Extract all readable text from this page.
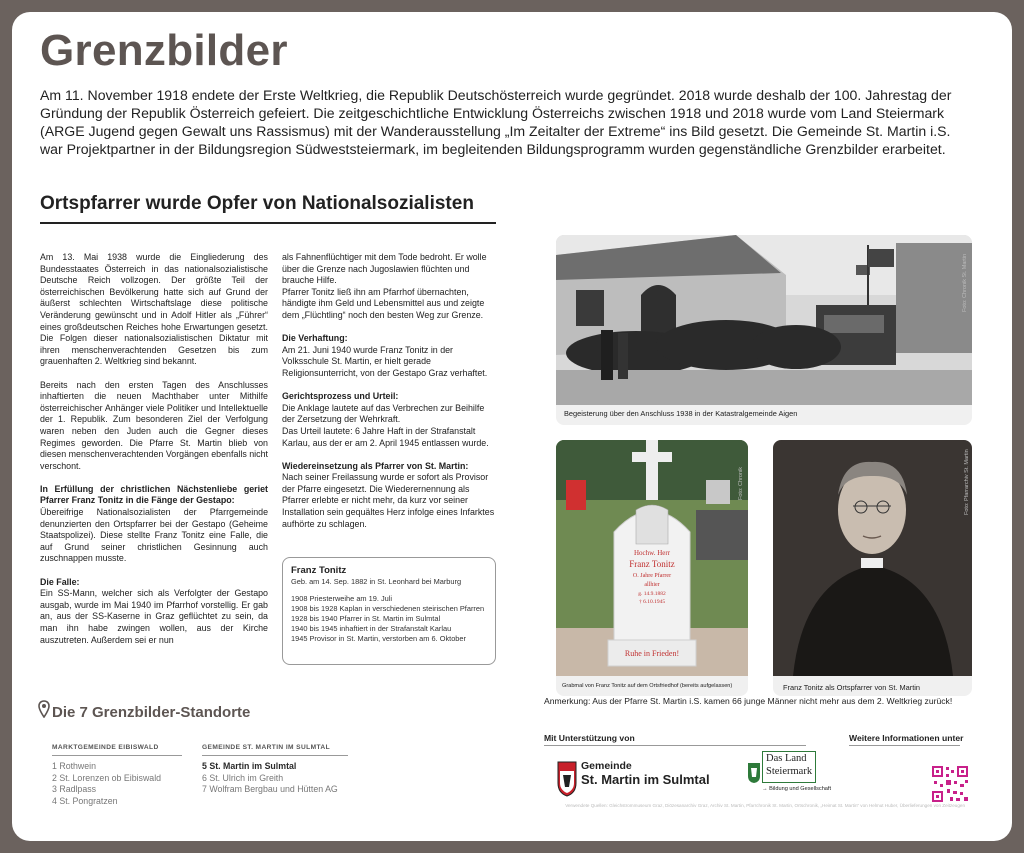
Grenzbilder
Am 11. November 1918 endete der Erste Weltkrieg, die Republik Deutschösterreich wurde gegründet. 2018 wurde deshalb der 100. Jahrestag der Gründung der Republik Österreich gefeiert. Die zeitgeschichtliche Entwicklung Österreichs zwischen 1918 und 2018 wurde vom Land Steiermark (ARGE Jugend gegen Gewalt uns Rassismus) mit der Wanderausstellung „Im Zeitalter der Extreme“ ins Bild gesetzt. Die Gemeinde St. Martin i.S. war Projektpartner in der Bildungsregion Südweststeiermark, im begleitenden Bildungsprogramm wurden gegenständliche Grenzbilder erarbeitet.
Ortspfarrer wurde Opfer von Nationalsozialisten

Am 13. Mai 1938 wurde die Eingliederung des Bundesstaates Österreich in das nationalsozialistische Deutsche Reich vollzogen. Der größte Teil der österreichischen Bevölkerung hatte sich auf Grund der äußerst schlechten Wirtschaftslage diese politische Veränderung gewünscht und in Adolf Hitler als „Führer“ eines großdeutschen Reiches hohe Erwartungen gesetzt. Die Folgen dieser nationalsozialistischen Diktatur mit ihren menschenverachtenden Gesetzen bis zum grauenhaften 2. Weltkrieg sind bekannt.

Bereits nach den ersten Tagen des Anschlusses inhaftierten die neuen Machthaber unter Mithilfe österreichischer Anhänger viele Politiker und Intellektuelle der 1. Republik. Zum besonderen Ziel der Verfolgung waren neben den Juden auch die Gegner dieses Regimes geworden. Die Pfarre St. Martin blieb von diesen menschenverachtenden Vorgängen ebenfalls nicht verschont.

In Erfüllung der christlichen Nächstenliebe geriet Pfarrer Franz Tonitz in die Fänge der Gestapo:

Übereifrige Nationalsozialisten der Pfarrgemeinde denunzierten den Ortspfarrer bei der Gestapo (Geheime Staatspolizei). Diese stellte Franz Tonitz eine Falle, die auf Grund seiner christlichen Gesinnung auch zuschnappen musste.

Die Falle:

Ein SS-Mann, welcher sich als Verfolgter der Gestapo ausgab, wurde im Mai 1940 im Pfarrhof vorstellig. Er gab an, aus der SS-Kaserne in Graz geflüchtet zu sein, da man ihn habe zwingen wollen, aus der Kirche auszutreten. Außerdem sei er nun

als Fahnenflüchtiger mit dem Tode bedroht. Er wolle über die Grenze nach Jugoslawien flüchten und brauche Hilfe.

Pfarrer Tonitz ließ ihn am Pfarrhof übernachten, händigte ihm Geld und Lebensmittel aus und zeigte dem „Flüchtling“ noch den besten Weg zur Grenze.

Die Verhaftung:

Am 21. Juni 1940 wurde Franz Tonitz in der Volksschule St. Martin, er hielt gerade Religionsunterricht, von der Gestapo Graz verhaftet.

Gerichtsprozess und Urteil:

Die Anklage lautete auf das Verbrechen zur Beihilfe der Zersetzung der Wehrkraft.

Das Urteil lautete: 6 Jahre Haft in der Strafanstalt Karlau, aus der er am 2. April 1945 entlassen wurde.

Wiedereinsetzung als Pfarrer von St. Martin:

Nach seiner Freilassung wurde er sofort als Provisor der Pfarre eingesetzt. Die Wiederernennung als Pfarrer erlebte er nicht mehr, da kurz vor seiner Installation sein gequältes Herz infolge eines Infarktes aufhörte zu schlagen.

Franz Tonitz
Geb. am 14. Sep. 1882 in St. Leonhard bei Marburg
1908 Priesterweihe am 19. Juli
1908 bis 1928 Kaplan in verschiedenen steirischen Pfarren
1928 bis 1940 Pfarrer in St. Martin im Sulmtal
1940 bis 1945 inhaftiert in der Strafanstalt Karlau
1945 Provisor in St. Martin, verstorben am 6. Oktober
Begeisterung über den Anschluss 1938 in der Katastralgemeinde Aigen
Foto: Chronik St. Martin
Hochw. Herr
Franz Tonitz
O. Jahre Pfarrer
allhier
g. 14.9.1882
† 6.10.1945
Ruhe in Frieden!
Grabmal von Franz Tonitz auf dem Ortsfriedhof (bereits aufgelassen)
Foto: Chronik
Franz Tonitz als Ortspfarrer von St. Martin
Foto: Pfarrarchiv St. Martin
Anmerkung: Aus der Pfarre St. Martin i.S. kamen 66 junge Männer nicht mehr aus dem 2. Weltkrieg zurück!
Die 7 Grenzbilder-Standorte
MARKTGEMEINDE EIBISWALD
1 Rothwein
2 St. Lorenzen ob Eibiswald
3 Radlpass
4 St. Pongratzen
GEMEINDE ST. MARTIN IM SULMTAL
5 St. Martin im Sulmtal
6 St. Ulrich im Greith
7 Wolfram Bergbau und Hütten AG
Mit Unterstützung von
Gemeinde
St. Martin im Sulmtal
Das Land
Steiermark
→ Bildung und Gesellschaft
Weitere Informationen unter
Verwendete Quellen: Gleichstrommuseum Graz, Diözesanarchiv Graz, Archiv St. Martin, Pfarrchronik St. Martin, Ortschronik, „Heimat St. Martin“ von Helmut Huber, Überlieferungen von Zeitzeugen
